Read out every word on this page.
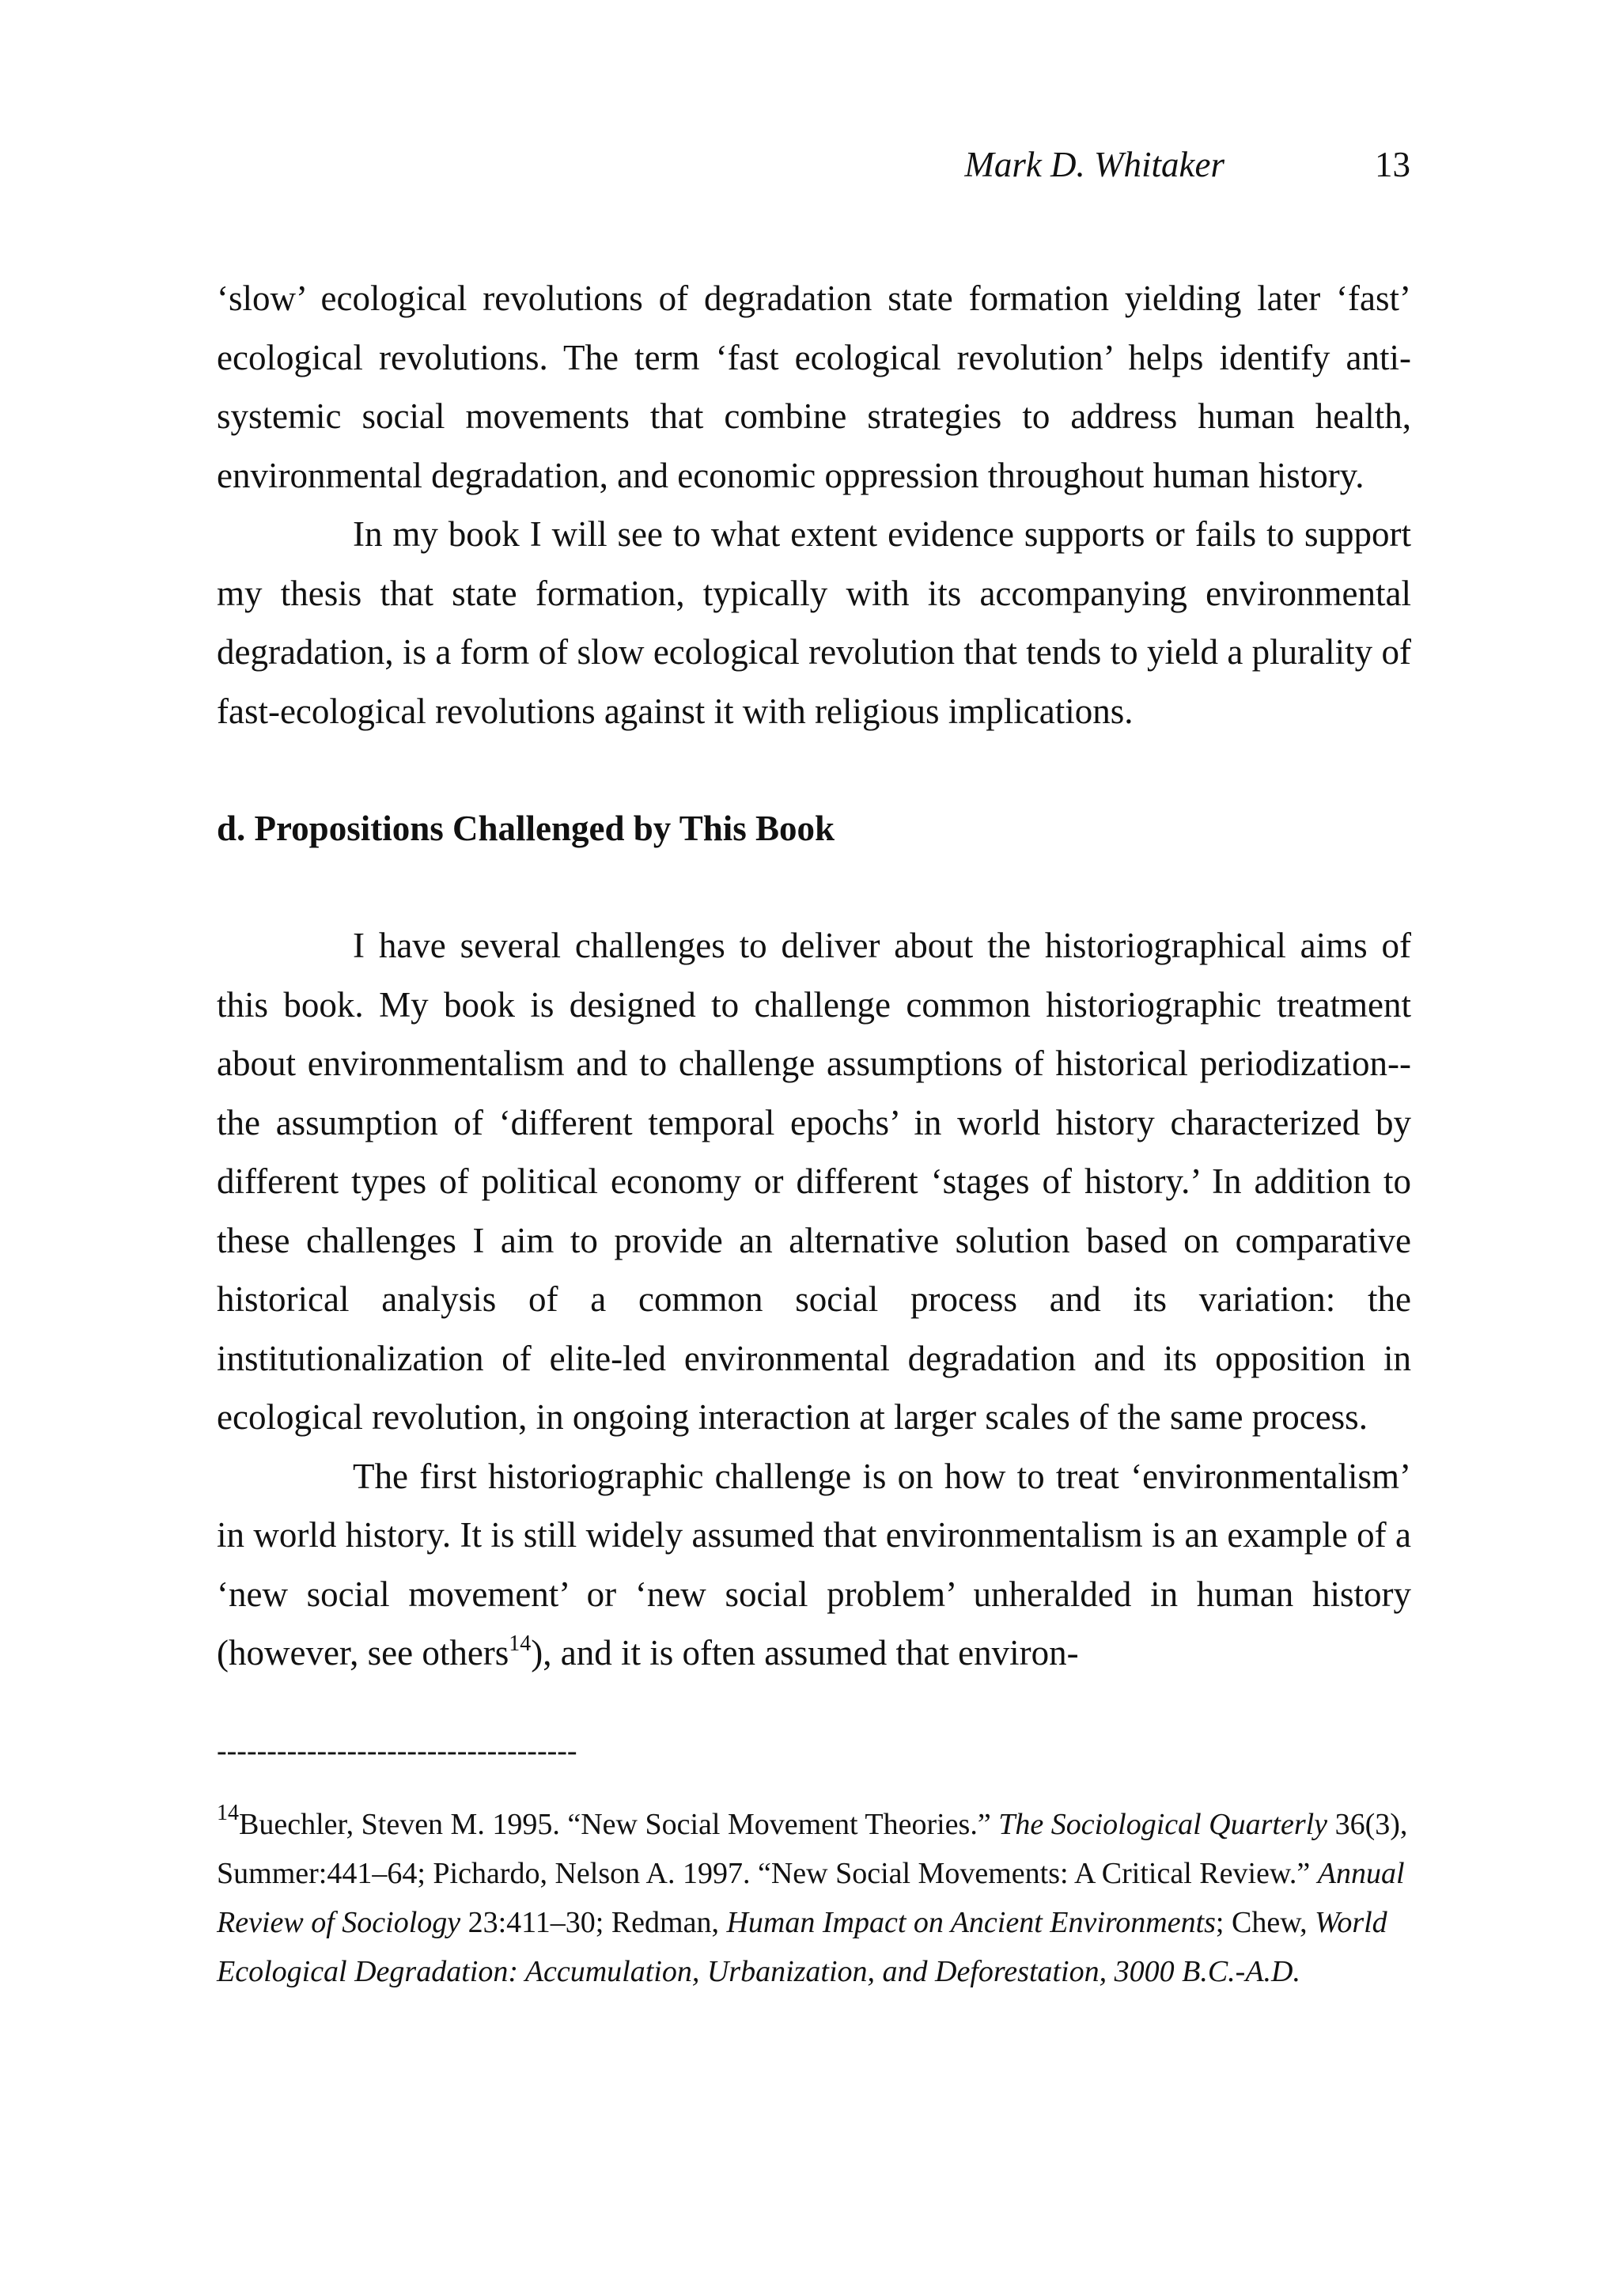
Mark D. Whitaker	13

‘slow’ ecological revolutions of degradation state formation yielding later ‘fast’ ecological revolutions. The term ‘fast ecological revolution’ helps identify anti-systemic social movements that combine strategies to address human health, environmental degradation, and economic oppression throughout human history.

In my book I will see to what extent evidence supports or fails to support my thesis that state formation, typically with its accompanying environmental degradation, is a form of slow ecological revolution that tends to yield a plurality of fast-ecological revolutions against it with religious implications.

d. Propositions Challenged by This Book

I have several challenges to deliver about the historiographical aims of this book. My book is designed to challenge common historiographic treatment about environmentalism and to challenge assumptions of historical periodization--the assumption of ‘different temporal epochs’ in world history characterized by different types of political economy or different ‘stages of history.’ In addition to these challenges I aim to provide an alternative solution based on comparative historical analysis of a common social process and its variation: the institutionalization of elite-led environmental degradation and its opposition in ecological revolution, in ongoing interaction at larger scales of the same process.

The first historiographic challenge is on how to treat ‘environmentalism’ in world history. It is still widely assumed that environmentalism is an example of a ‘new social movement’ or ‘new social problem’ unheralded in human history (however, see others$^{14}$), and it is often assumed that environ-

------------------------------------

$^{14}$Buechler, Steven M. 1995. “New Social Movement Theories.” The Sociological Quarterly 36(3), Summer:441–64; Pichardo, Nelson A. 1997. “New Social Movements: A Critical Review.” Annual Review of Sociology 23:411–30; Redman, Human Impact on Ancient Environments; Chew, World Ecological Degradation: Accumulation, Urbanization, and Deforestation, 3000 B.C.-A.D.
